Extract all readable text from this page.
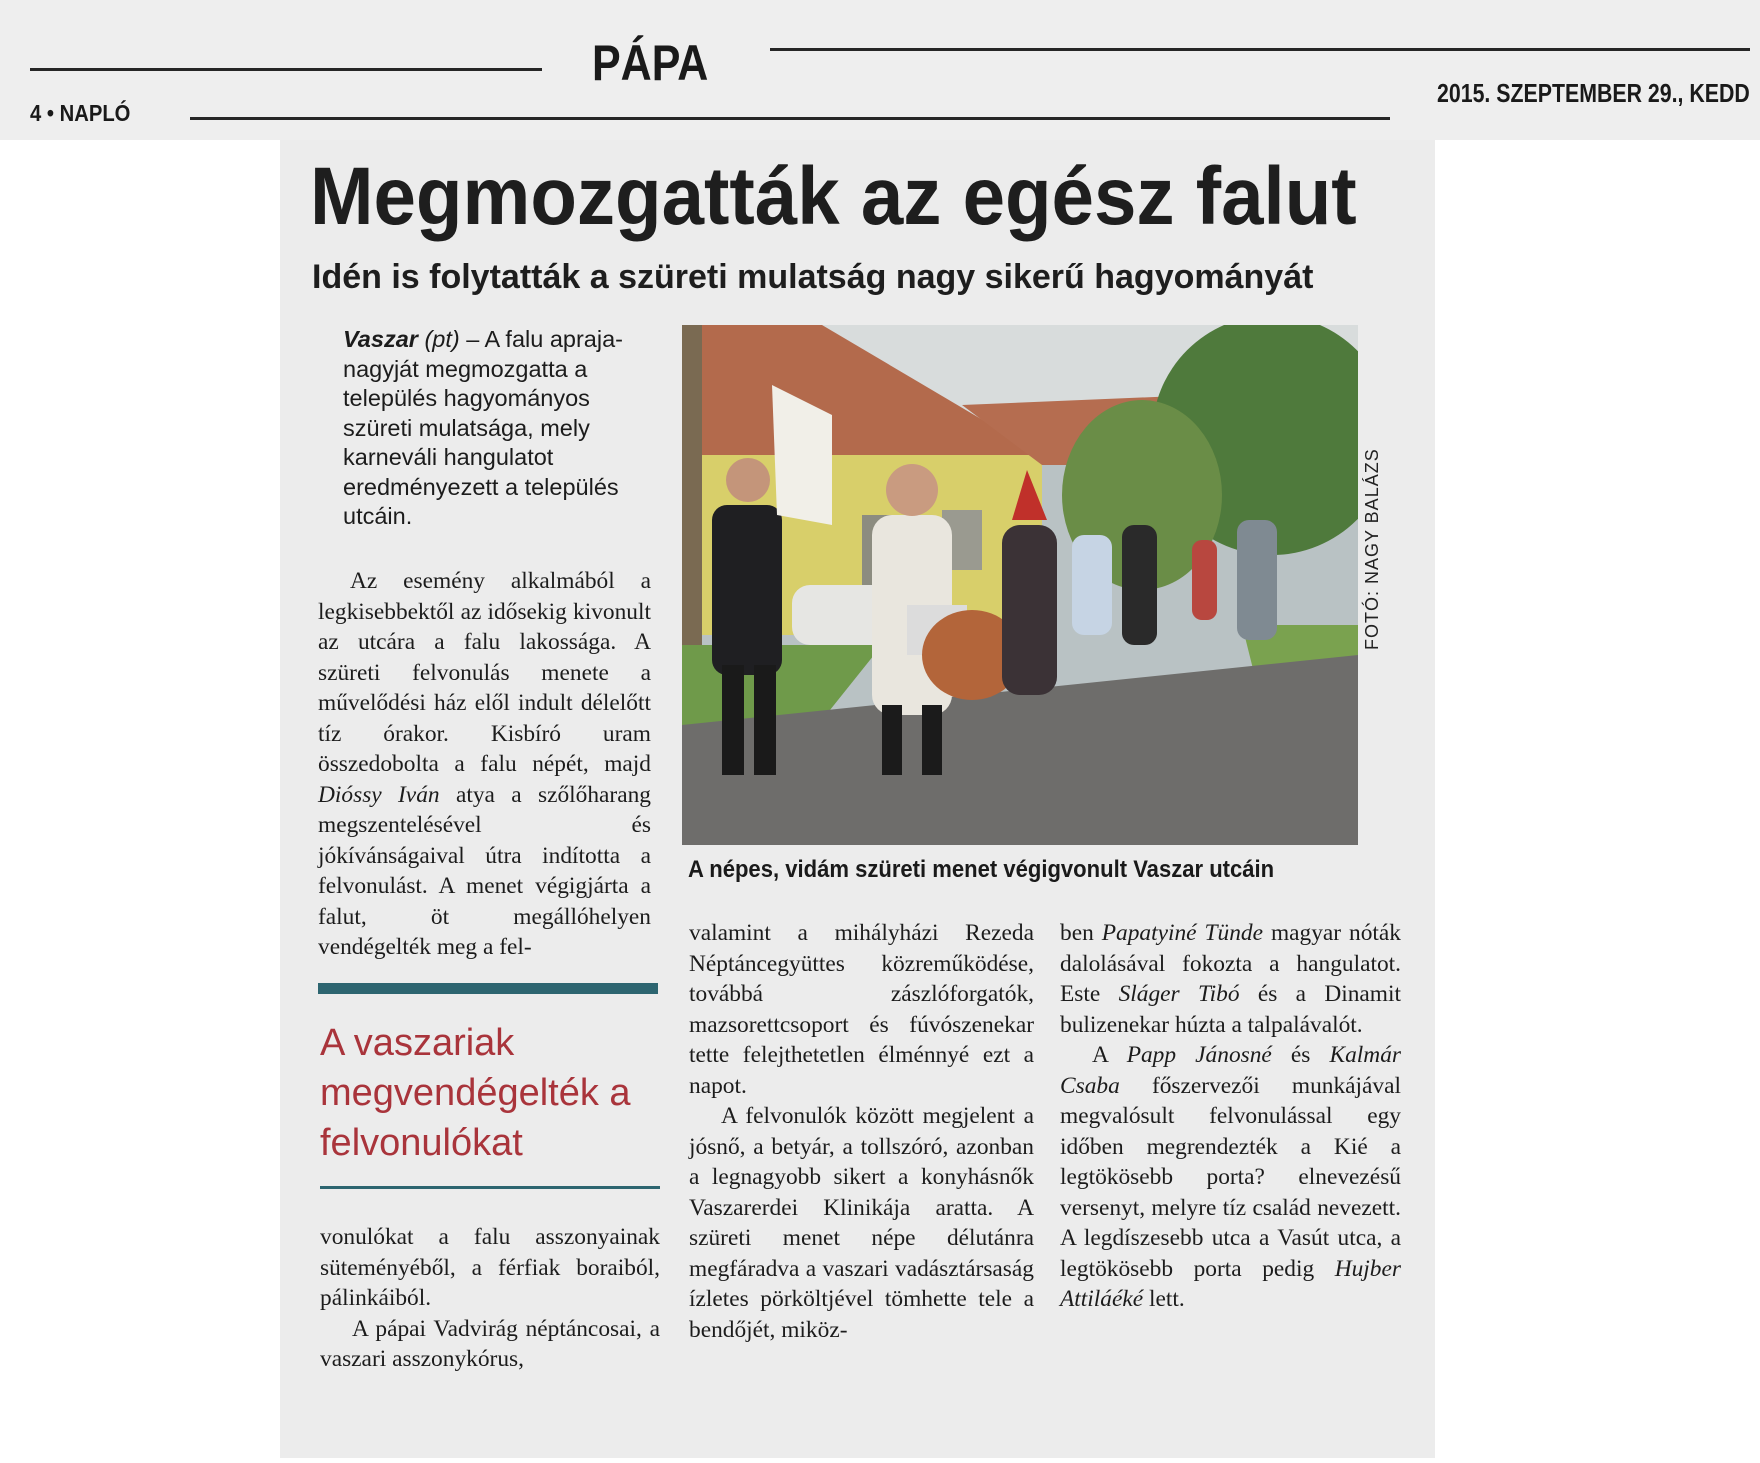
PÁPA
4 • NAPLÓ
2015. SZEPTEMBER 29., KEDD
Megmozgatták az egész falut
Idén is folytatták a szüreti mulatság nagy sikerű hagyományát
Vaszar (pt) – A falu apraja-nagyját megmozgatta a település hagyományos szüreti mulatsága, mely karneváli hangulatot eredményezett a település utcáin.

Az esemény alkalmából a legkisebbektől az idősekig kivonult az utcára a falu lakossága. A szüreti felvonulás menete a művelődési ház elől indult délelőtt tíz órakor. Kisbíró uram összedobolta a falu népét, majd Dióssy Iván atya a szőlőharang megszentelésével és jókívánságaival útra indította a felvonulást. A menet végigjárta a falut, öt megállóhelyen vendégelték meg a fel-

vonulókat a falu asszonyainak süteményéből, a férfiak boraiból, pálinkáiból.

A pápai Vadvirág néptáncosai, a vaszari asszonykórus,

FOTÓ: NAGY BALÁZS
A népes, vidám szüreti menet végigvonult Vaszar utcáin

valamint a mihályházi Rezeda Néptáncegyüttes közreműködése, továbbá zászlóforgatók, mazsorettcsoport és fúvószenekar tette felejthetetlen élménnyé ezt a napot.

A felvonulók között megjelent a jósnő, a betyár, a tollszóró, azonban a legnagyobb sikert a konyhásnők Vaszarerdei Klinikája aratta. A szüreti menet népe délutánra megfáradva a vaszari vadásztársaság ízletes pörköltjével tömhette tele a bendőjét, miköz-

ben Papatyiné Tünde magyar nóták dalolásával fokozta a hangulatot. Este Sláger Tibó és a Dinamit bulizenekar húzta a talpalávalót.

A Papp Jánosné és Kalmár Csaba főszervezői munkájával megvalósult felvonulással egy időben megrendezték a Kié a legtökösebb porta? elnevezésű versenyt, melyre tíz család nevezett. A legdíszesebb utca a Vasút utca, a legtökösebb porta pedig Hujber Attiláéké lett.

A vaszariak megvendégelték a felvonulókat
